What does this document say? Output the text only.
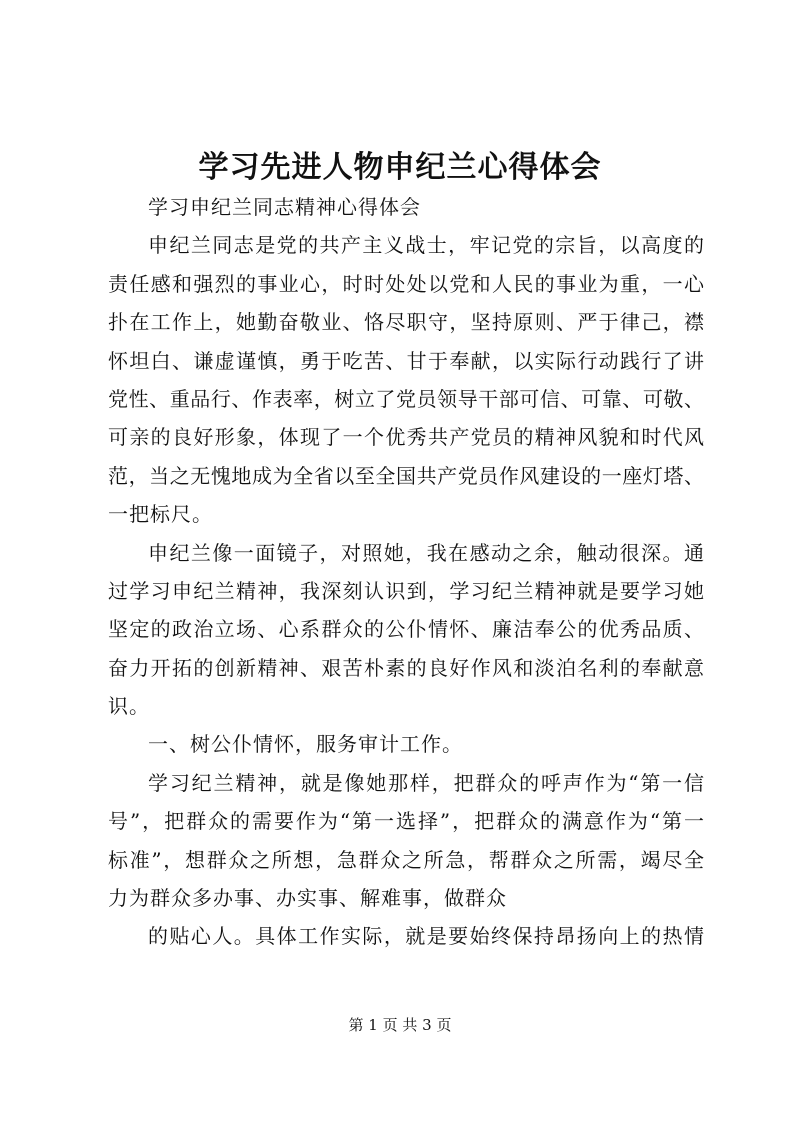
学习先进人物申纪兰心得体会
学习申纪兰同志精神心得体会
申纪兰同志是党的共产主义战士，牢记党的宗旨，以高度的
责任感和强烈的事业心，时时处处以党和人民的事业为重，一心
扑在工作上，她勤奋敬业、恪尽职守，坚持原则、严于律己，襟
怀坦白、谦虚谨慎，勇于吃苦、甘于奉献，以实际行动践行了讲
党性、重品行、作表率，树立了党员领导干部可信、可靠、可敬、
可亲的良好形象，体现了一个优秀共产党员的精神风貌和时代风
范，当之无愧地成为全省以至全国共产党员作风建设的一座灯塔、
一把标尺。
申纪兰像一面镜子，对照她，我在感动之余，触动很深。通
过学习申纪兰精神，我深刻认识到，学习纪兰精神就是要学习她
坚定的政治立场、心系群众的公仆情怀、廉洁奉公的优秀品质、
奋力开拓的创新精神、艰苦朴素的良好作风和淡泊名利的奉献意
识。
一、树公仆情怀，服务审计工作。
学习纪兰精神，就是像她那样，把群众的呼声作为“第一信
号”，把群众的需要作为“第一选择”，把群众的满意作为“第一
标准”，想群众之所想，急群众之所急，帮群众之所需，竭尽全
力为群众多办事、办实事、解难事，做群众
的贴心人。具体工作实际，就是要始终保持昂扬向上的热情
第 1 页 共 3 页
